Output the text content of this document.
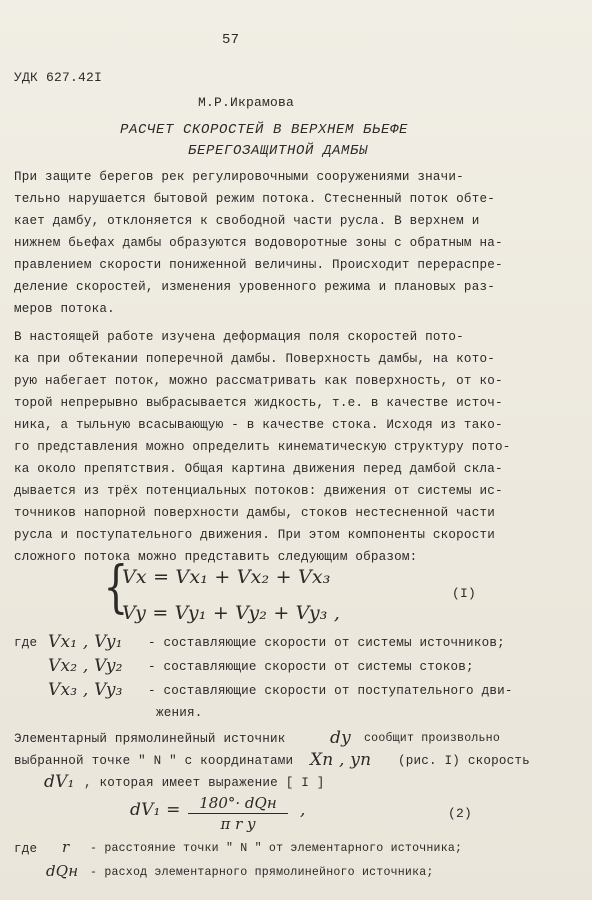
57
УДК 627.42I
М.Р.Икрамова
РАСЧЕТ СКОРОСТЕЙ В ВЕРХНЕМ БЬЕФЕ
БЕРЕГОЗАЩИТНОЙ ДАМБЫ
При защите берегов рек регулировочными сооружениями значи-
тельно нарушается бытовой режим потока. Стесненный поток обте-
кает дамбу, отклоняется к свободной части русла. В верхнем и
нижнем бьефах дамбы образуются водоворотные зоны с обратным на-
правлением скорости пониженной величины. Происходит перераспре-
деление скоростей, изменения уровенного режима и плановых раз-
меров потока.
В настоящей работе изучена деформация поля скоростей пото-
ка при обтекании поперечной дамбы. Поверхность дамбы, на кото-
рую набегает поток, можно рассматривать как поверхность, от ко-
торой непрерывно выбрасывается жидкость, т.е. в качестве источ-
ника, а тыльную всасывающую - в качестве стока. Исходя из тако-
го представления можно определить кинематическую структуру пото-
ка около препятствия. Общая картина движения перед дамбой скла-
дывается из трёх потенциальных потоков: движения от системы ис-
точников напорной поверхности дамбы, стоков нестесненной части
русла и поступательного движения. При этом компоненты скорости
сложного потока можно представить следующим образом:
{
Vx = Vx₁ + Vx₂ + Vx₃
Vy = Vy₁ + Vy₂ + Vy₃ ,
(I)
где Vx₁ , Vy₁ - составляющие скорости от системы источников;
Vx₂ , Vy₂ - составляющие скорости от системы стоков;
Vx₃ , Vy₃ - составляющие скорости от поступательного дви-
жения.
Элементарный прямолинейный источник	dy сообщит произвольно
выбранной точке " N " с координатами Xn , yn (рис. I) скорость
dV₁ , которая имеет выражение [ I ]
dV₁ =	180°· dQн
π r y
,	(2)
где r - расстояние точки " N " от элементарного источника;
dQн - расход элементарного прямолинейного источника;
